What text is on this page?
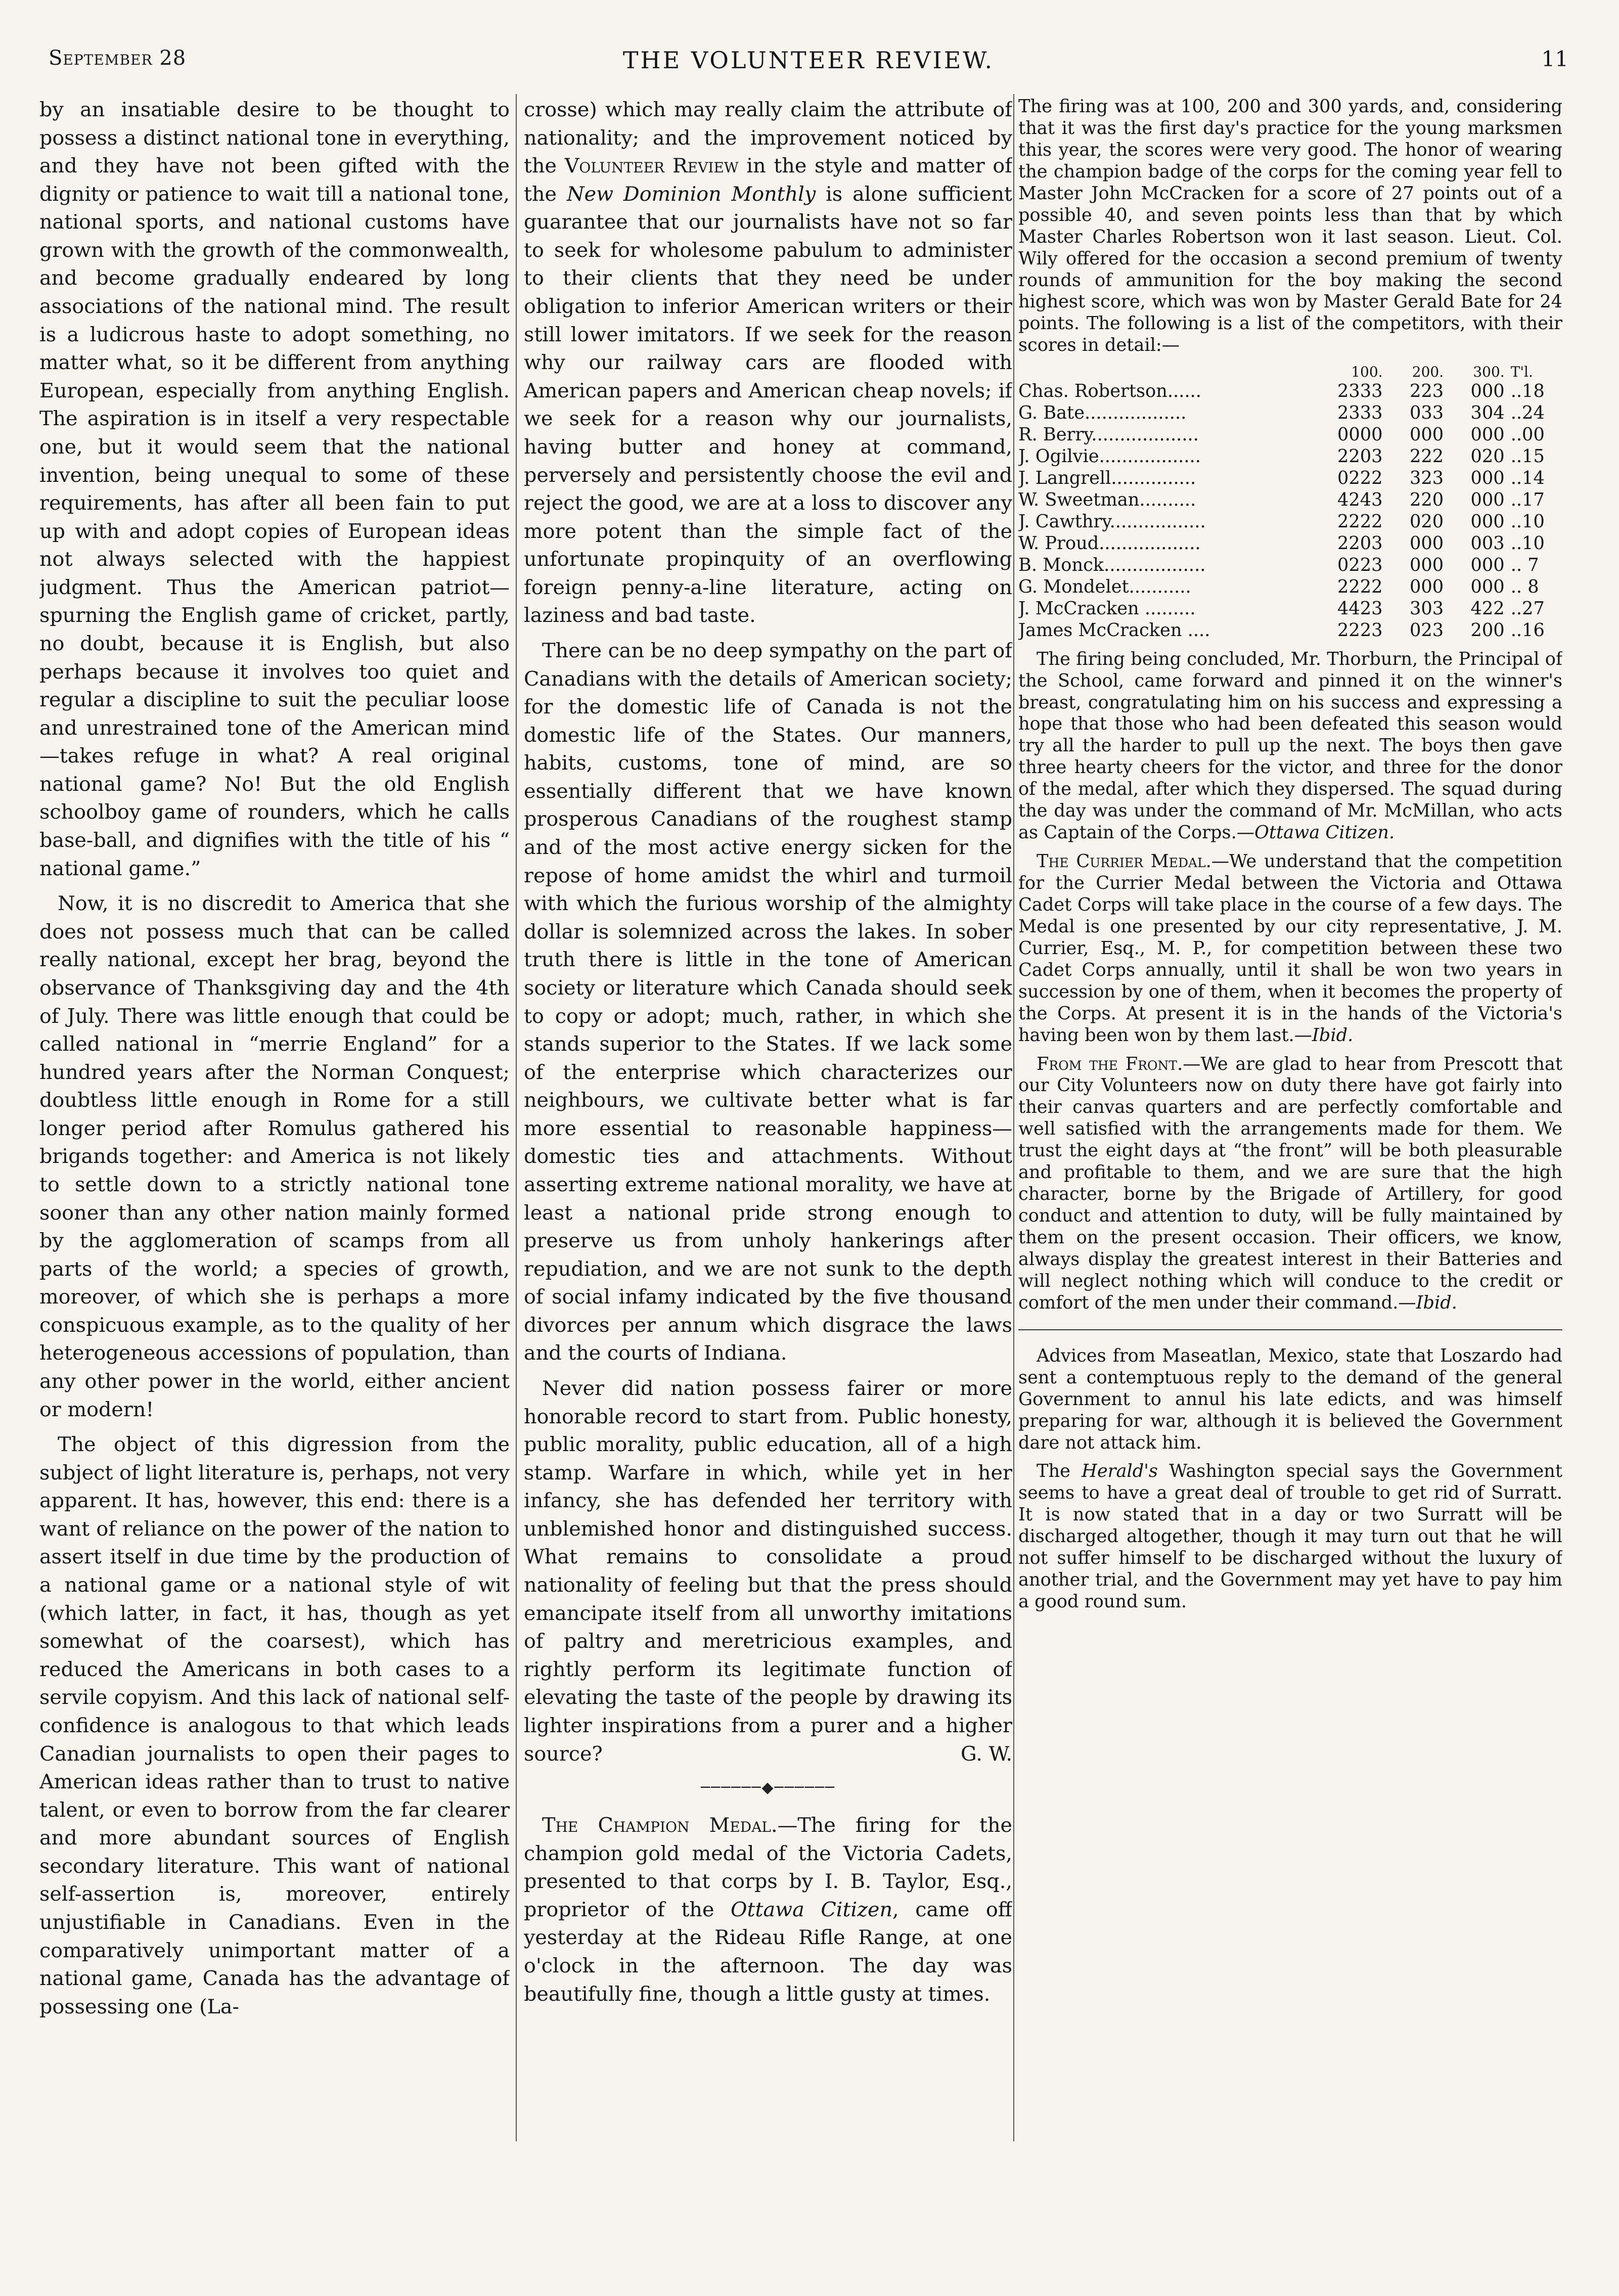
September 28	THE VOLUNTEER REVIEW.	11

by an insatiable desire to be thought to possess a distinct national tone in everything, and they have not been gifted with the dignity or patience to wait till a national tone, national sports, and national customs have grown with the growth of the commonwealth, and become gradually endeared by long associations of the national mind. The result is a ludicrous haste to adopt something, no matter what, so it be different from anything European, especially from anything English. The aspiration is in itself a very respectable one, but it would seem that the national invention, being unequal to some of these requirements, has after all been fain to put up with and adopt copies of European ideas not always selected with the happiest judgment. Thus the American patriot—spurning the English game of cricket, partly, no doubt, because it is English, but also perhaps because it involves too quiet and regular a discipline to suit the peculiar loose and unrestrained tone of the American mind—takes refuge in what? A real original national game? No! But the old English schoolboy game of rounders, which he calls base-ball, and dignifies with the title of his “ national game.”

Now, it is no discredit to America that she does not possess much that can be called really national, except her brag, beyond the observance of Thanksgiving day and the 4th of July. There was little enough that could be called national in “merrie England” for a hundred years after the Norman Conquest; doubtless little enough in Rome for a still longer period after Romulus gathered his brigands together: and America is not likely to settle down to a strictly national tone sooner than any other nation mainly formed by the agglomeration of scamps from all parts of the world; a species of growth, moreover, of which she is perhaps a more conspicuous example, as to the quality of her heterogeneous accessions of population, than any other power in the world, either ancient or modern!

The object of this digression from the subject of light literature is, perhaps, not very apparent. It has, however, this end: there is a want of reliance on the power of the nation to assert itself in due time by the production of a national game or a national style of wit (which latter, in fact, it has, though as yet somewhat of the coarsest), which has reduced the Americans in both cases to a servile copyism. And this lack of national self-confidence is analogous to that which leads Canadian journalists to open their pages to American ideas rather than to trust to native talent, or even to borrow from the far clearer and more abundant sources of English secondary literature. This want of national self-assertion is, moreover, entirely unjustifiable in Canadians. Even in the comparatively unimportant matter of a national game, Canada has the advantage of possessing one (La-

crosse) which may really claim the attribute of nationality; and the improvement noticed by the Volunteer Review in the style and matter of the New Dominion Monthly is alone sufficient guarantee that our journalists have not so far to seek for wholesome pabulum to administer to their clients that they need be under obligation to inferior American writers or their still lower imitators. If we seek for the reason why our railway cars are flooded with American papers and American cheap novels; if we seek for a reason why our journalists, having butter and honey at command, perversely and persistently choose the evil and reject the good, we are at a loss to discover any more potent than the simple fact of the unfortunate propinquity of an overflowing foreign penny-a-line literature, acting on laziness and bad taste.

There can be no deep sympathy on the part of Canadians with the details of American society; for the domestic life of Canada is not the domestic life of the States. Our manners, habits, customs, tone of mind, are so essentially different that we have known prosperous Canadians of the roughest stamp and of the most active energy sicken for the repose of home amidst the whirl and turmoil with which the furious worship of the almighty dollar is solemnized across the lakes. In sober truth there is little in the tone of American society or literature which Canada should seek to copy or adopt; much, rather, in which she stands superior to the States. If we lack some of the enterprise which characterizes our neighbours, we cultivate better what is far more essential to reasonable happiness—domestic ties and attachments. Without asserting extreme national morality, we have at least a national pride strong enough to preserve us from unholy hankerings after repudiation, and we are not sunk to the depth of social infamy indicated by the five thousand divorces per annum which disgrace the laws and the courts of Indiana.

Never did nation possess fairer or more honorable record to start from. Public honesty, public morality, public education, all of a high stamp. Warfare in which, while yet in her infancy, she has defended her territory with unblemished honor and distinguished success. What remains to consolidate a proud nationality of feeling but that the press should emancipate itself from all unworthy imitations of paltry and meretricious examples, and rightly perform its legitimate function of elevating the taste of the people by drawing its lighter inspirations from a purer and a higher source?	G. W.

──────◆──────

The Champion Medal.—The firing for the champion gold medal of the Victoria Cadets, presented to that corps by I. B. Taylor, Esq., proprietor of the Ottawa Citizen, came off yesterday at the Rideau Rifle Range, at one o'clock in the afternoon. The day was beautifully fine, though a little gusty at times.

The firing was at 100, 200 and 300 yards, and, considering that it was the first day's practice for the young marksmen this year, the scores were very good. The honor of wearing the champion badge of the corps for the coming year fell to Master John McCracken for a score of 27 points out of a possible 40, and seven points less than that by which Master Charles Robertson won it last season. Lieut. Col. Wily offered for the occasion a second premium of twenty rounds of ammunition for the boy making the second highest score, which was won by Master Gerald Bate for 24 points. The following is a list of the competitors, with their scores in detail:—

	100.	200.	300.	T'l.
Chas. Robertson......	2333	223	000	..18
G. Bate..................	2333	033	304	..24
R. Berry...................	0000	000	000	..00
J. Ogilvie..................	2203	222	020	..15
J. Langrell...............	0222	323	000	..14
W. Sweetman..........	4243	220	000	..17
J. Cawthry.................	2222	020	000	..10
W. Proud..................	2203	000	003	..10
B. Monck..................	0223	000	000	.. 7
G. Mondelet...........	2222	000	000	.. 8
J. McCracken .........	4423	303	422	..27
James McCracken ....	2223	023	200	..16

The firing being concluded, Mr. Thorburn, the Principal of the School, came forward and pinned it on the winner's breast, congratulating him on his success and expressing a hope that those who had been defeated this season would try all the harder to pull up the next. The boys then gave three hearty cheers for the victor, and three for the donor of the medal, after which they dispersed. The squad during the day was under the command of Mr. McMillan, who acts as Captain of the Corps.—Ottawa Citizen.

The Currier Medal.—We understand that the competition for the Currier Medal between the Victoria and Ottawa Cadet Corps will take place in the course of a few days. The Medal is one presented by our city representative, J. M. Currier, Esq., M. P., for competition between these two Cadet Corps annually, until it shall be won two years in succession by one of them, when it becomes the property of the Corps. At present it is in the hands of the Victoria's having been won by them last.—Ibid.

From the Front.—We are glad to hear from Prescott that our City Volunteers now on duty there have got fairly into their canvas quarters and are perfectly comfortable and well satisfied with the arrangements made for them. We trust the eight days at “the front” will be both pleasurable and profitable to them, and we are sure that the high character, borne by the Brigade of Artillery, for good conduct and attention to duty, will be fully maintained by them on the present occasion. Their officers, we know, always display the greatest interest in their Batteries and will neglect nothing which will conduce to the credit or comfort of the men under their command.—Ibid.

Advices from Maseatlan, Mexico, state that Loszardo had sent a contemptuous reply to the demand of the general Government to annul his late edicts, and was himself preparing for war, although it is believed the Government dare not attack him.

The Herald's Washington special says the Government seems to have a great deal of trouble to get rid of Surratt. It is now stated that in a day or two Surratt will be discharged altogether, though it may turn out that he will not suffer himself to be discharged without the luxury of another trial, and the Government may yet have to pay him a good round sum.
